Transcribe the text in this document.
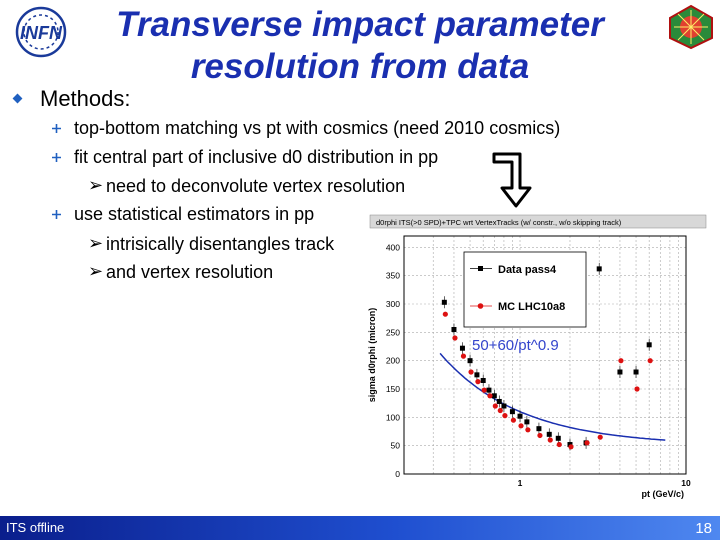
INFN	Transverse impact parameter resolution from data
Methods:
top-bottom matching vs pt with cosmics (need 2010 cosmics)
fit central part of inclusive d0 distribution in pp
➢ need to deconvolute vertex resolution
use statistical estimators in pp
➢ intrisically disentangles track
➢ and vertex resolution
d0rphi ITS(>0 SPD)+TPC wrt VertexTracks (w/ constr., w/o skipping track)
0
50
100
150
200
250
300
350
400
1	10
Data pass4
MC LHC10a8
50+60/pt^0.9
sigma d0rphi (micron)
pt (GeV/c)
ITS offline	18
